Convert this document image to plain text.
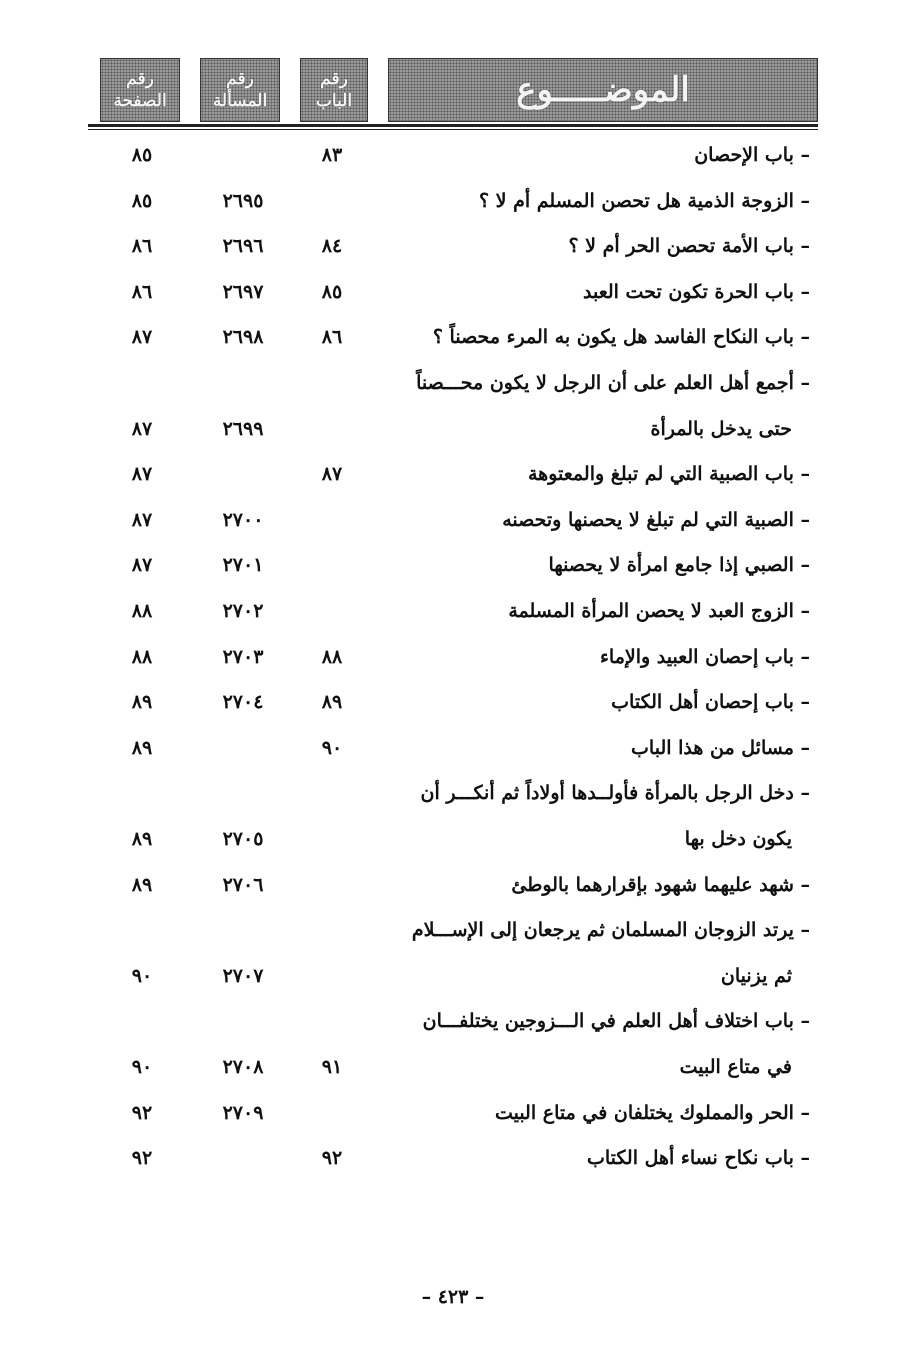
الموضـــــوع
رقم
الباب
رقم
المسألة
رقم
الصفحة
– باب الإحصان
٨٣
٨٥
– الزوجة الذمية هل تحصن المسلم أم لا ؟
٢٦٩٥
٨٥
– باب الأمة تحصن الحر أم لا ؟
٨٤
٢٦٩٦
٨٦
– باب الحرة تكون تحت العبد
٨٥
٢٦٩٧
٨٦
– باب النكاح الفاسد هل يكون به المرء محصناً ؟
٨٦
٢٦٩٨
٨٧
– أجمع أهل العلم على أن الرجل لا يكون محـــصناً
حتى يدخل بالمرأة
٢٦٩٩
٨٧
– باب الصبية التي لم تبلغ والمعتوهة
٨٧
٨٧
– الصبية التي لم تبلغ لا يحصنها وتحصنه
٢٧٠٠
٨٧
– الصبي إذا جامع امرأة لا يحصنها
٢٧٠١
٨٧
– الزوج العبد لا يحصن المرأة المسلمة
٢٧٠٢
٨٨
– باب إحصان العبيد والإماء
٨٨
٢٧٠٣
٨٨
– باب إحصان أهل الكتاب
٨٩
٢٧٠٤
٨٩
– مسائل من هذا الباب
٩٠
٨٩
– دخل الرجل بالمرأة فأولــدها أولاداً ثم أنكـــر أن
يكون دخل بها
٢٧٠٥
٨٩
– شهد عليهما شهود بإقرارهما بالوطئ
٢٧٠٦
٨٩
– يرتد الزوجان المسلمان ثم يرجعان إلى الإســـلام
ثم يزنيان
٢٧٠٧
٩٠
– باب اختلاف أهل العلم في الـــزوجين يختلفـــان
في متاع البيت
٩١
٢٧٠٨
٩٠
– الحر والمملوك يختلفان في متاع البيت
٢٧٠٩
٩٢
– باب نكاح نساء أهل الكتاب
٩٢
٩٢
– ٤٢٣ –
